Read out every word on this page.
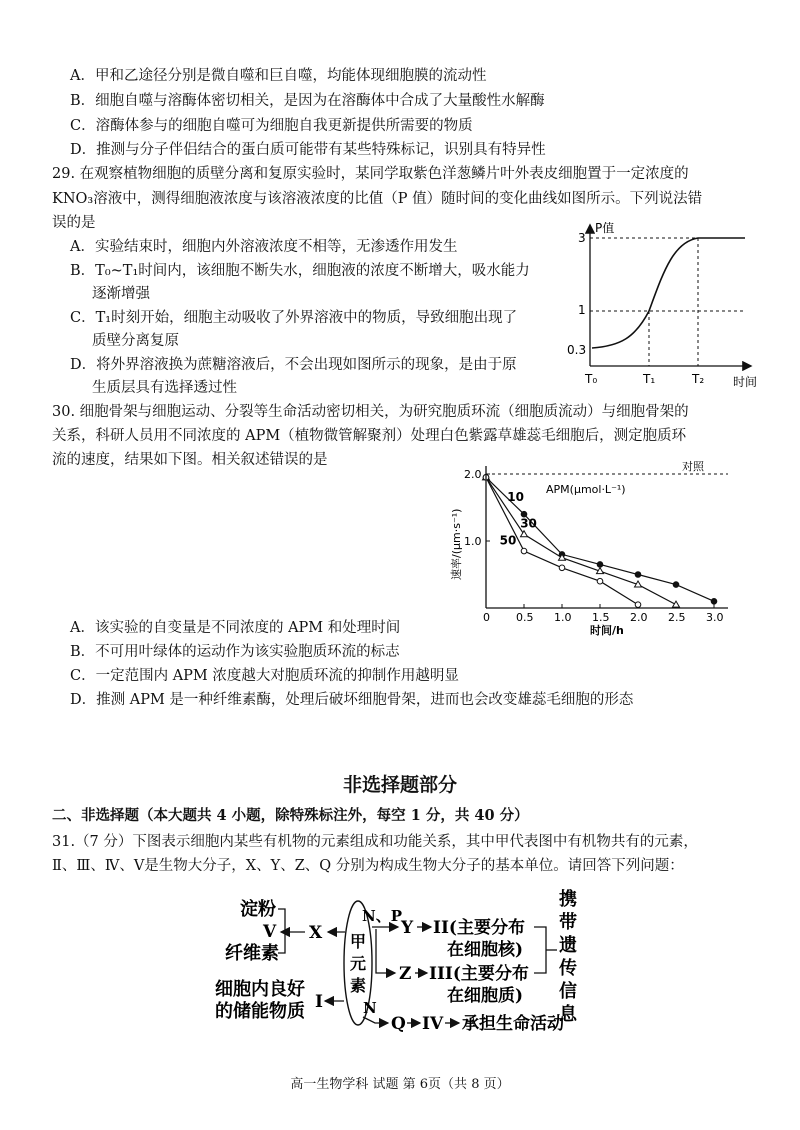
A．甲和乙途径分别是微自噬和巨自噬，均能体现细胞膜的流动性
B．细胞自噬与溶酶体密切相关，是因为在溶酶体中合成了大量酸性水解酶
C．溶酶体参与的细胞自噬可为细胞自我更新提供所需要的物质
D．推测与分子伴侣结合的蛋白质可能带有某些特殊标记，识别具有特异性
29. 在观察植物细胞的质壁分离和复原实验时，某同学取紫色洋葱鳞片叶外表皮细胞置于一定浓度的
KNO₃溶液中，测得细胞液浓度与该溶液浓度的比值（P 值）随时间的变化曲线如图所示。下列说法错
误的是
A．实验结束时，细胞内外溶液浓度不相等，无渗透作用发生
B．T₀~T₁时间内，该细胞不断失水，细胞液的浓度不断增大，吸水能力
逐渐增强
C．T₁时刻开始，细胞主动吸收了外界溶液中的物质，导致细胞出现了
质壁分离复原
D．将外界溶液换为蔗糖溶液后，不会出现如图所示的现象，是由于原
生质层具有选择透过性
P值
时间
T₀	T₁	T₂
0.3
1
3
30. 细胞骨架与细胞运动、分裂等生命活动密切相关，为研究胞质环流（细胞质流动）与细胞骨架的
关系，科研人员用不同浓度的 APM（植物微管解聚剂）处理白色紫露草雄蕊毛细胞后，测定胞质环
流的速度，结果如下图。相关叙述错误的是
0 0.5 1.0 1.5 2.0 2.5 3.0
1.0
2.0
10
30
50
速率/(μm·s⁻¹)
时间/h
APM(μmol·L⁻¹)
对照
A．该实验的自变量是不同浓度的 APM 和处理时间
B．不可用叶绿体的运动作为该实验胞质环流的标志
C．一定范围内 APM 浓度越大对胞质环流的抑制作用越明显
D．推测 APM 是一种纤维素酶，处理后破坏细胞骨架，进而也会改变雄蕊毛细胞的形态
非选择题部分
二、非选择题（本大题共 4 小题，除特殊标注外，每空 1 分，共 40 分）
31.（7 分）下图表示细胞内某些有机物的元素组成和功能关系，其中甲代表图中有机物共有的元素，
Ⅱ、Ⅲ、Ⅳ、Ⅴ是生物大分子，X、Y、Z、Q 分别为构成生物大分子的基本单位。请回答下列问题：
淀粉
V
纤维素
X 甲
元
素
N、P
Y II(主要分布
在细胞核)
Z III(主要分布
在细胞质)
携
带
遗
传
信
息
细胞内良好
的储能物质 I	N
Q IV 承担生命活动
高一生物学科 试题 第 6页（共 8 页）
